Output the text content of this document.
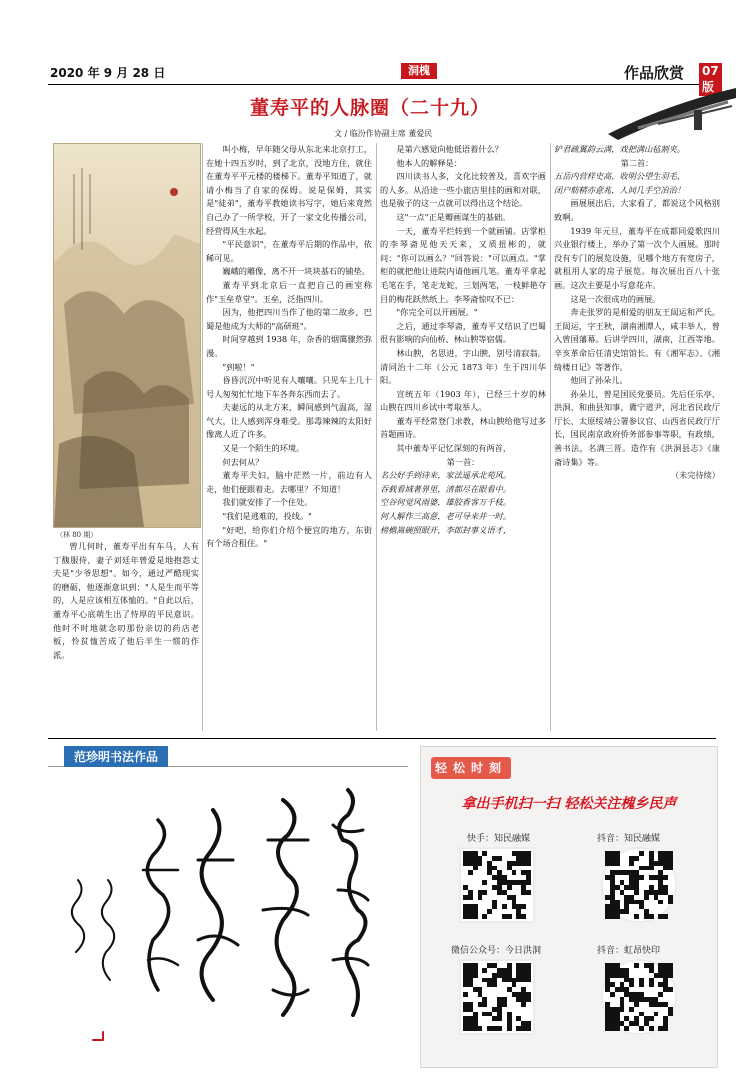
2020 年 9 月 28 日	洞槐	作品欣赏 07版
董寿平的人脉圈（二十九）
文 / 临汾作协副主席 董爱民
（林 80 期）

曾几何时，董寿平出有车马，人有丁馥服侍，妻子刘廷年曾爱是地抱怨丈夫是"少爷思想"。如今，通过严酷现实的磨砺，他逐渐意识到："人是生而平等的，人是应该相互体恤的。"自此以后，董寿平心底萌生出了恃厚的平民意识。他时不时地就念叨那份亲切的药店老板，怜贫恤苦成了他后半生一惯的作派。

叫小梅，早年随父母从东北来北京打工，在她十四五岁时，到了北京，没地方住，就住在董寿平平元楼的楼梯下。董寿平知道了，就请小梅当了自家的保姆。说是保姆，其实是"徒弟"，董寿平教她读书写字，她后来竟然自己办了一所学校，开了一家文化传播公司，经营得风生水起。

"平民意识"，在董寿平后期的作品中，依稀可见。

巍峨的雕像，离不开一块块基石的铺垫。

董寿平到北京后一直把自己的画室称作"玉垒草堂"。玉垒，泛指四川。

因为，他把四川当作了他的第二故乡，巴蜀是他成为大师的"高研班"。

时间穿越到 1938 年，杂香的烟霭骤然弥漫。

"到啦！"

昏昏沉沉中听见有人嚷嚷。只见车上几十号人匆匆忙忙地下车各奔东西而去了。

夫妻远的从北方来，瞬间感到气温高，湿气大，让人感到浑身难受。那毒辣辣的太阳好像离人近了许多。

又是一个陌生的环境。

何去何从？

董寿平夫妇，脑中茫然一片，前边有人走，他们便跟着走。去哪里？不知道！

我们就安排了一个住处。

"我们是逃难的，投线。"

"好吧，给你们介绍个便宜的地方，东街有个场合租住。"

是第六感觉向他低语着什么？

他本人的解释是：

四川读书人多，文化比较普及，喜欢字画的人多。从沿途一些小旅店里挂的画和对联，也是骏子的这一点就可以得出这个结论。

这"一点"正是瓣画谋生的基础。

一天，董寿平烂转到一个就画铺。店掌柜的李琴斋见他天天来，又质扭彬的，就问："你可以画么？"回答说："可以画点。"掌柜的就把他让进院内请他画几笔。董寿平拿起毛笔在手，笔走龙蛇，三划两笔，一枝鲜艳夺目的梅花跃然纸上。李琴斋惊叹不已：

"你完全可以开画展。"

之后，通过李琴斋，董寿平又结识了巴蜀很有影响的向仙桥、林山腴等宿儒。

林山腴，名思进，字山腴，别号清寂翁。清同治十二年（公元 1873 年）生于四川华阳。

宣统五年（1903 年），已经三十岁的林山腴在四川乡试中考取举人。

董寿平经常登门求教，林山腴给他写过多首题画诗。

其中董寿平记忆深刻的有两首，

第一首：

名公好手到诗来，家法遥承北苑风。

吞载看域著界里，清都尽在眼看中。

空谷何觉风雨婆，雄胶香客万千枝。

何人解作三高意，老可导来并一时。

榜檐嵩碗照眼开，李郎封事义语才，

铲君疏翼韵云满，戏把满山毡割夹。

第二首：

五岳内营样史高，收明公望生羽毛，

闭户舫精亦意兆，人间几手空冶治！

画展展出后，大家看了，都说这个风格别致啊。

1939 年元旦，董寿平在成都同爱歌四川兴业银行楼上，举办了第一次个人画展。那时没有专门的展览设施，见哪个地方有宽房子，就租用人家的房子展览。每次展出百八十张画。这次主要是小写意花卉。

这是一次很成功的画展。

奔走张罗的是相爱的朋友王闿运和严氏。王闿运，字王秋，湖南湘潭人，咸丰举人，曾入曾国藩幕。后讲学四川，湖南，江西等地。辛亥革命后任清史馆馆长。有《湘军志》、《湘绮楼日记》等著作。

他回了孙朵儿。

孙朵儿，曾是国民党要员。先后任乐亭、洪洞、和曲县知事，冀宁道尹，河北省民政厅厅长、太原绥靖公署参议官、山西省民政厅厅长，国民南京政府侨务部参事等职，有政绩，善书法，名满三晋。造作有《洪洞县志》《康斋诗集》等。

（未完待续）

范珍明书法作品
轻松时刻
拿出手机扫一扫 轻松关注槐乡民声
快手：知民融媒	抖音：知民融媒
微信公众号：今日洪洞	抖音：虹昂快印
